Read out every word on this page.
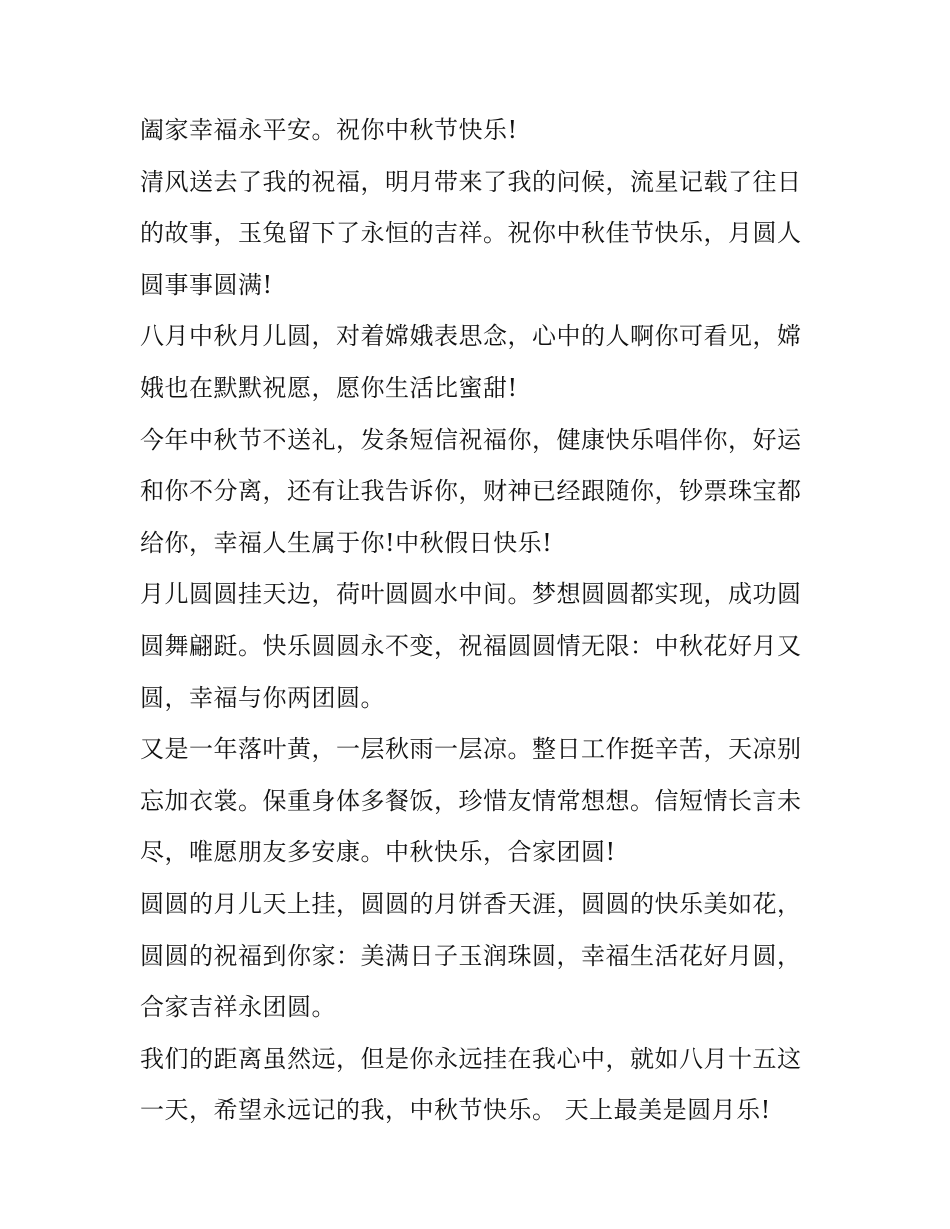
阖家幸福永平安。祝你中秋节快乐!
清风送去了我的祝福，明月带来了我的问候，流星记载了往日
的故事，玉兔留下了永恒的吉祥。祝你中秋佳节快乐，月圆人
圆事事圆满!
八月中秋月儿圆，对着嫦娥表思念，心中的人啊你可看见，嫦
娥也在默默祝愿，愿你生活比蜜甜!
今年中秋节不送礼，发条短信祝福你，健康快乐唱伴你，好运
和你不分离，还有让我告诉你，财神已经跟随你，钞票珠宝都
给你，幸福人生属于你!中秋假日快乐!
月儿圆圆挂天边，荷叶圆圆水中间。梦想圆圆都实现，成功圆
圆舞翩跹。快乐圆圆永不变，祝福圆圆情无限：中秋花好月又
圆，幸福与你两团圆。
又是一年落叶黄，一层秋雨一层凉。整日工作挺辛苦，天凉别
忘加衣裳。保重身体多餐饭，珍惜友情常想想。信短情长言未
尽，唯愿朋友多安康。中秋快乐，合家团圆!
圆圆的月儿天上挂，圆圆的月饼香天涯，圆圆的快乐美如花，
圆圆的祝福到你家：美满日子玉润珠圆，幸福生活花好月圆，
合家吉祥永团圆。
我们的距离虽然远，但是你永远挂在我心中，就如八月十五这
一天，希望永远记的我，中秋节快乐。 天上最美是圆月乐!
